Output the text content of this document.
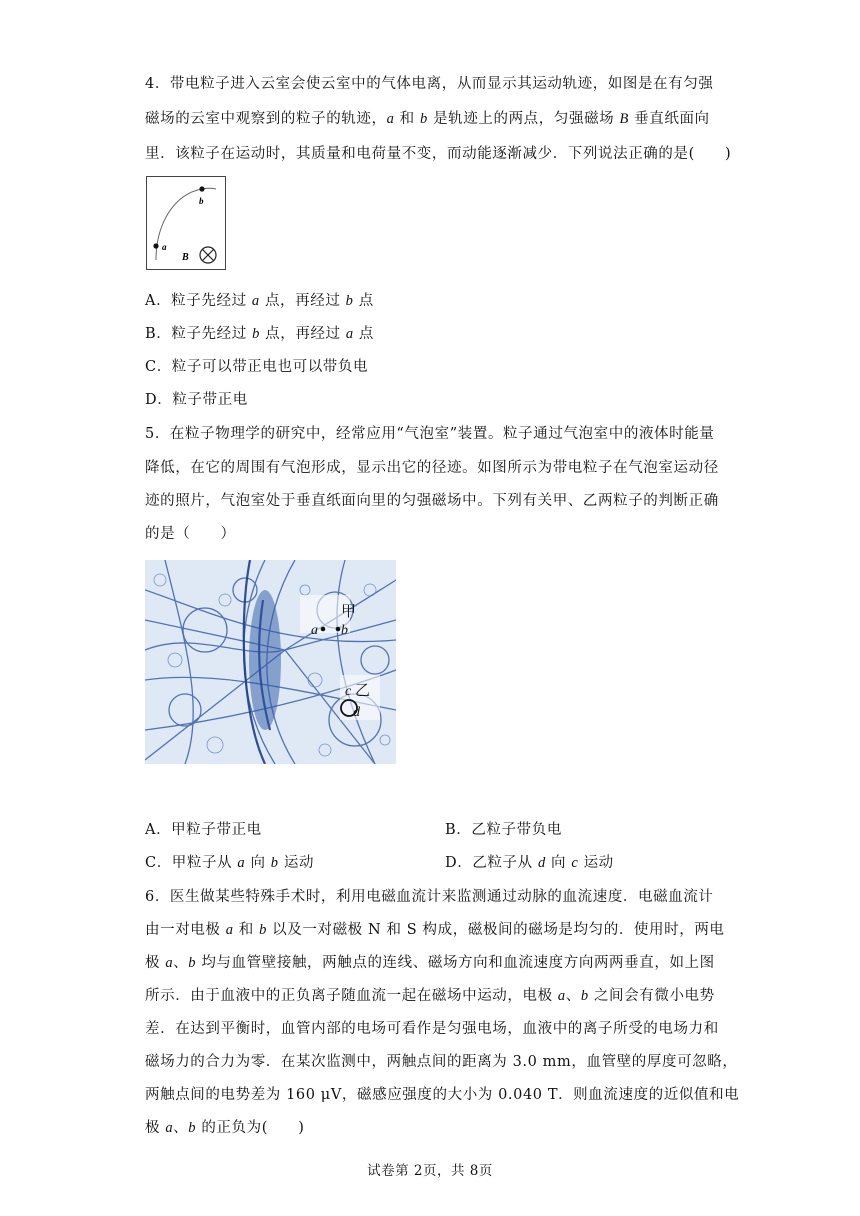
4．带电粒子进入云室会使云室中的气体电离，从而显示其运动轨迹，如图是在有匀强
磁场的云室中观察到的粒子的轨迹，a 和 b 是轨迹上的两点，匀强磁场 B 垂直纸面向
里．该粒子在运动时，其质量和电荷量不变，而动能逐渐减少．下列说法正确的是(　　)
b
a
B
A．粒子先经过 a 点，再经过 b 点
B．粒子先经过 b 点，再经过 a 点
C．粒子可以带正电也可以带负电
D．粒子带正电
5．在粒子物理学的研究中，经常应用“气泡室”装置。粒子通过气泡室中的液体时能量
降低，在它的周围有气泡形成，显示出它的径迹。如图所示为带电粒子在气泡室运动径
迹的照片，气泡室处于垂直纸面向里的匀强磁场中。下列有关甲、乙两粒子的判断正确
的是（　　）
甲
a b
c 乙
d
A．甲粒子带正电	B．乙粒子带负电
C．甲粒子从 a 向 b 运动	D．乙粒子从 d 向 c 运动
6．医生做某些特殊手术时，利用电磁血流计来监测通过动脉的血流速度．电磁血流计
由一对电极 a 和 b 以及一对磁极 N 和 S 构成，磁极间的磁场是均匀的．使用时，两电
极 a、b 均与血管壁接触，两触点的连线、磁场方向和血流速度方向两两垂直，如上图
所示．由于血液中的正负离子随血流一起在磁场中运动，电极 a、b 之间会有微小电势
差．在达到平衡时，血管内部的电场可看作是匀强电场，血液中的离子所受的电场力和
磁场力的合力为零．在某次监测中，两触点间的距离为 3.0 mm，血管壁的厚度可忽略，
两触点间的电势差为 160 μV，磁感应强度的大小为 0.040 T．则血流速度的近似值和电
极 a、b 的正负为(　　)
试卷第 2页，共 8页
